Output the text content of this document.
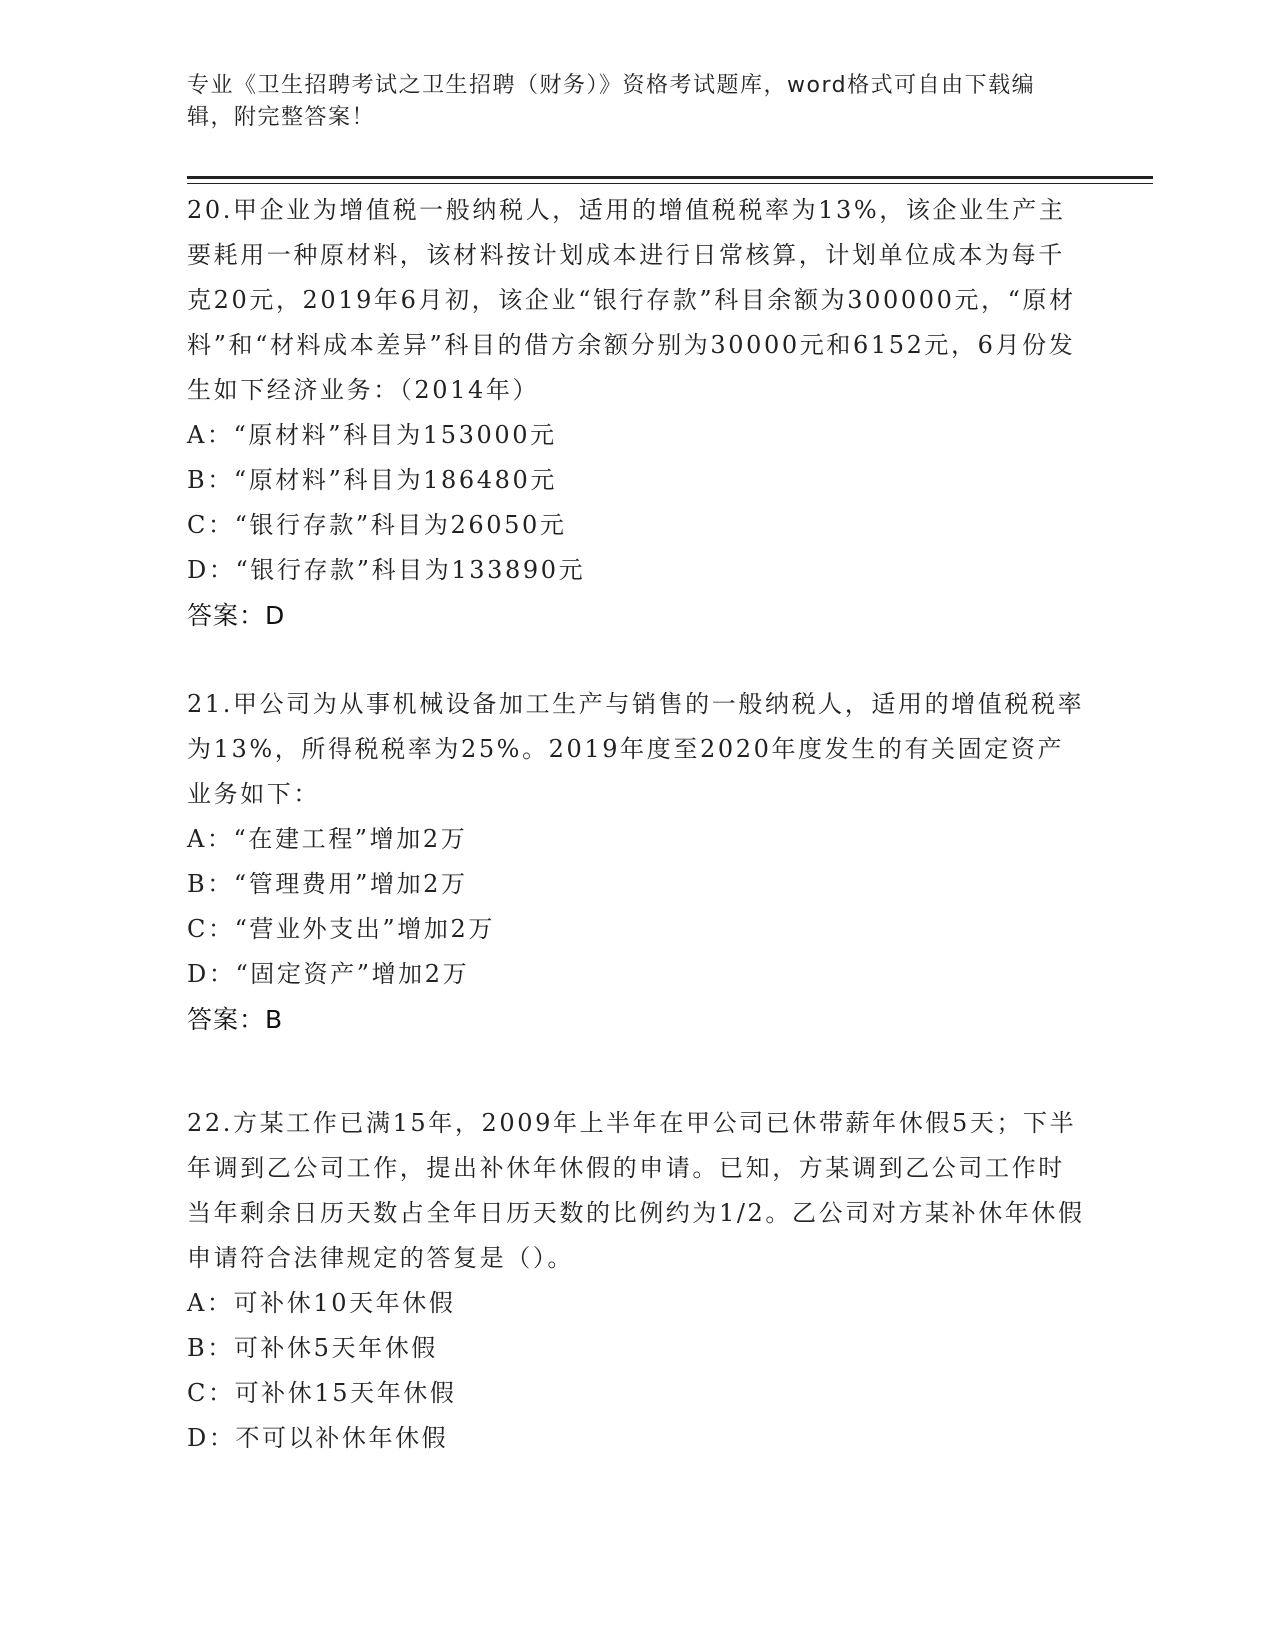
专业《卫生招聘考试之卫生招聘（财务）》资格考试题库，word格式可自由下载编辑，附完整答案！

20.甲企业为增值税一般纳税人，适用的增值税税率为13%，该企业生产主要耗用一种原材料，该材料按计划成本进行日常核算，计划单位成本为每千克20元，2019年6月初，该企业“银行存款”科目余额为300000元，“原材料”和“材料成本差异”科目的借方余额分别为30000元和6152元，6月份发生如下经济业务：（2014年）

A：“原材料”科目为153000元
B：“原材料”科目为186480元
C：“银行存款”科目为26050元
D：“银行存款”科目为133890元

答案：D

21.甲公司为从事机械设备加工生产与销售的一般纳税人，适用的增值税税率为13%，所得税税率为25%。2019年度至2020年度发生的有关固定资产业务如下：

A：“在建工程”增加2万
B：“管理费用”增加2万
C：“营业外支出”增加2万
D：“固定资产”增加2万

答案：B

22.方某工作已满15年，2009年上半年在甲公司已休带薪年休假5天；下半年调到乙公司工作，提出补休年休假的申请。已知，方某调到乙公司工作时当年剩余日历天数占全年日历天数的比例约为1/2。乙公司对方某补休年休假申请符合法律规定的答复是（）。

A：可补休10天年休假
B：可补休5天年休假
C：可补休15天年休假
D：不可以补休年休假
